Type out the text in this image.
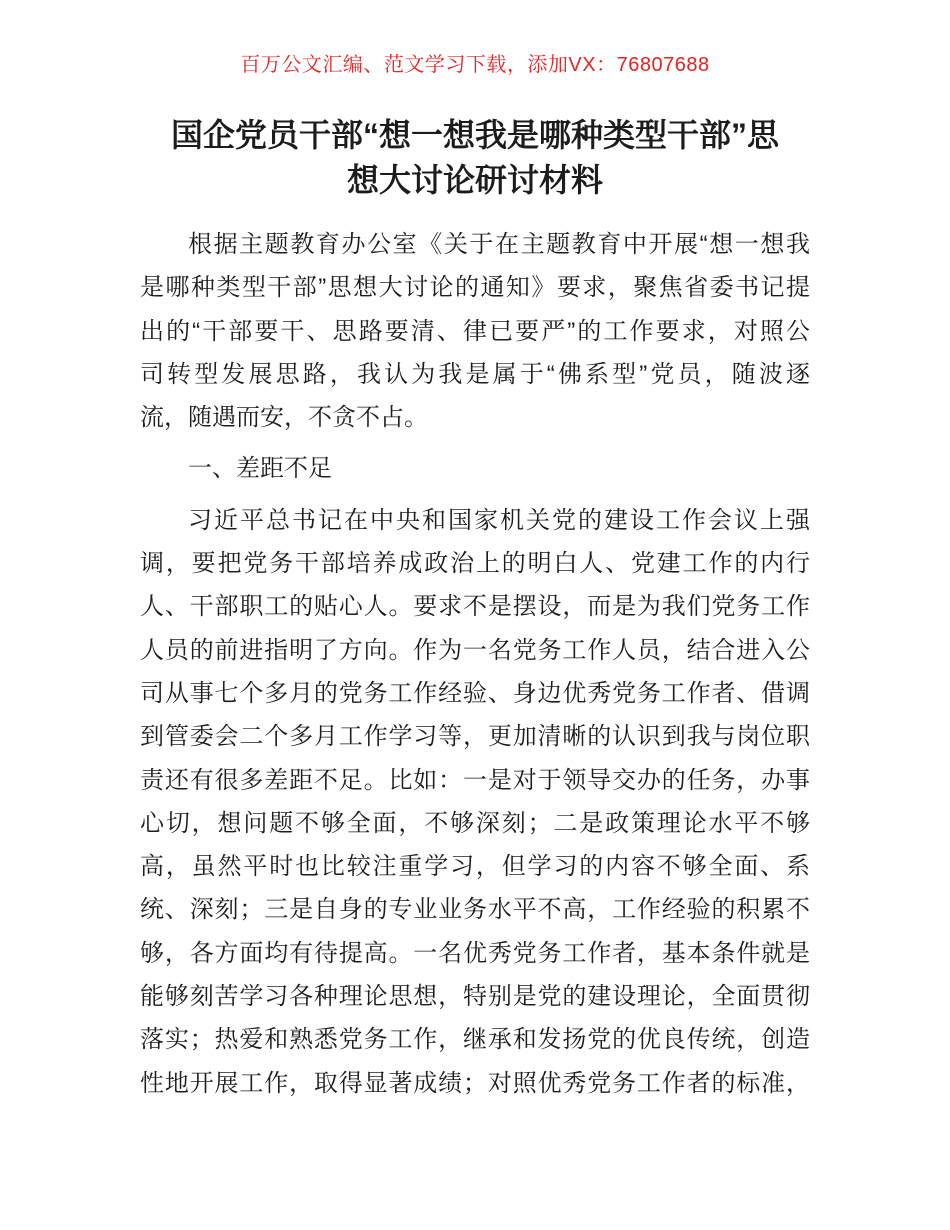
百万公文汇编、范文学习下载，添加VX：76807688
国企党员干部“想一想我是哪种类型干部”思
想大讨论研讨材料
根据主题教育办公室《关于在主题教育中开展“想一想我
是哪种类型干部”思想大讨论的通知》要求，聚焦省委书记提
出的“干部要干、思路要清、律已要严”的工作要求，对照公
司转型发展思路，我认为我是属于“佛系型”党员，随波逐
流，随遇而安，不贪不占。
一、差距不足
习近平总书记在中央和国家机关党的建设工作会议上强
调，要把党务干部培养成政治上的明白人、党建工作的内行
人、干部职工的贴心人。要求不是摆设，而是为我们党务工作
人员的前进指明了方向。作为一名党务工作人员，结合进入公
司从事七个多月的党务工作经验、身边优秀党务工作者、借调
到管委会二个多月工作学习等，更加清晰的认识到我与岗位职
责还有很多差距不足。比如：一是对于领导交办的任务，办事
心切，想问题不够全面，不够深刻；二是政策理论水平不够
高，虽然平时也比较注重学习，但学习的内容不够全面、系
统、深刻；三是自身的专业业务水平不高，工作经验的积累不
够，各方面均有待提高。一名优秀党务工作者，基本条件就是
能够刻苦学习各种理论思想，特别是党的建设理论，全面贯彻
落实；热爱和熟悉党务工作，继承和发扬党的优良传统，创造
性地开展工作，取得显著成绩；对照优秀党务工作者的标准，
